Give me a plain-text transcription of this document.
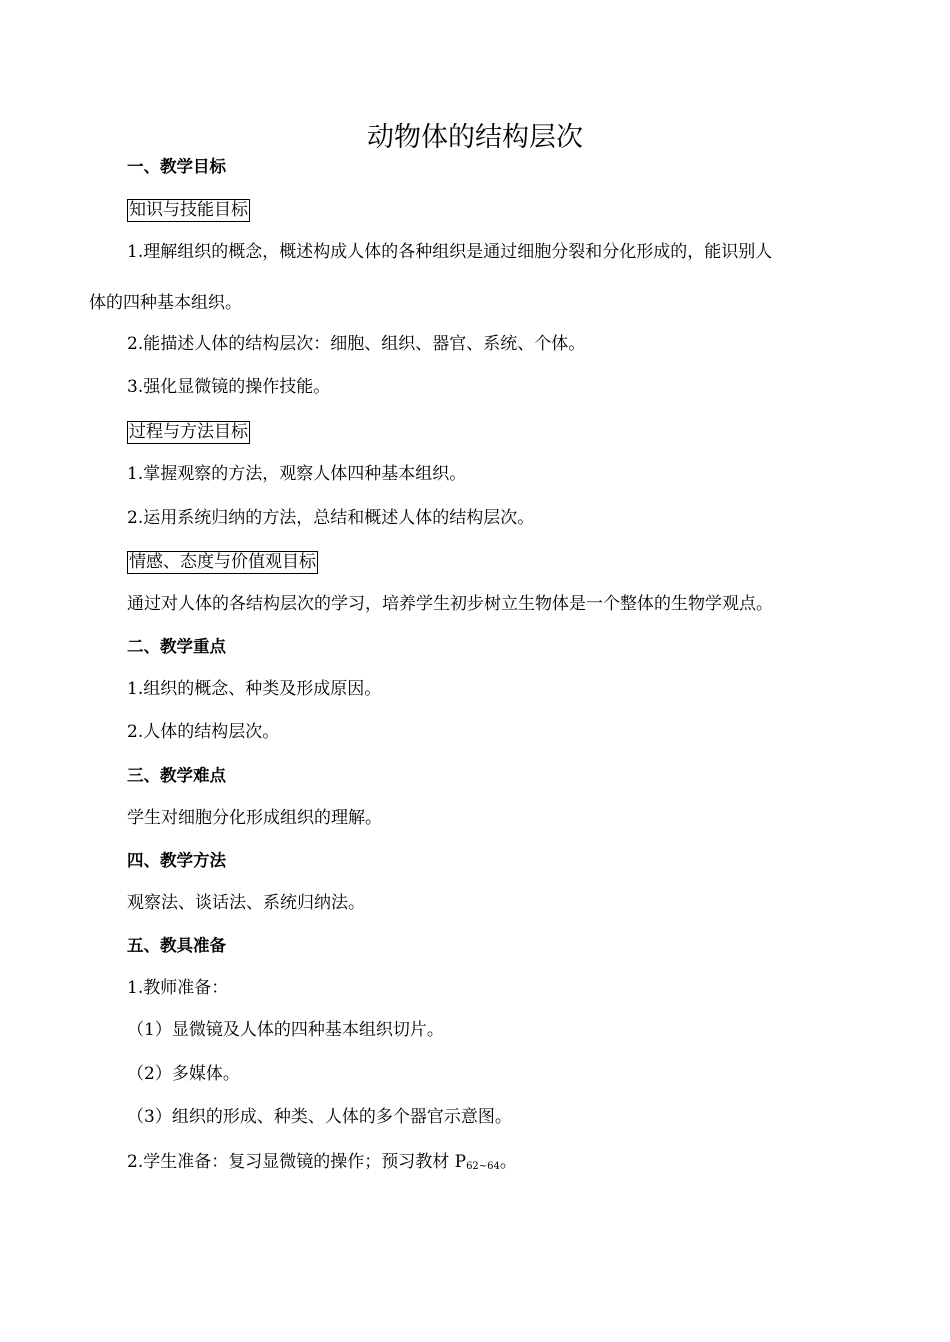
动物体的结构层次
一、教学目标
知识与技能目标
1.理解组织的概念，概述构成人体的各种组织是通过细胞分裂和分化形成的，能识别人
体的四种基本组织。
2.能描述人体的结构层次：细胞、组织、器官、系统、个体。
3.强化显微镜的操作技能。
过程与方法目标
1.掌握观察的方法，观察人体四种基本组织。
2.运用系统归纳的方法，总结和概述人体的结构层次。
情感、态度与价值观目标
通过对人体的各结构层次的学习，培养学生初步树立生物体是一个整体的生物学观点。
二、教学重点
1.组织的概念、种类及形成原因。
2.人体的结构层次。
三、教学难点
学生对细胞分化形成组织的理解。
四、教学方法
观察法、谈话法、系统归纳法。
五、教具准备
1.教师准备：
（1）显微镜及人体的四种基本组织切片。
（2）多媒体。
（3）组织的形成、种类、人体的多个器官示意图。
2.学生准备：复习显微镜的操作；预习教材 $P_{62\sim 64}$。
